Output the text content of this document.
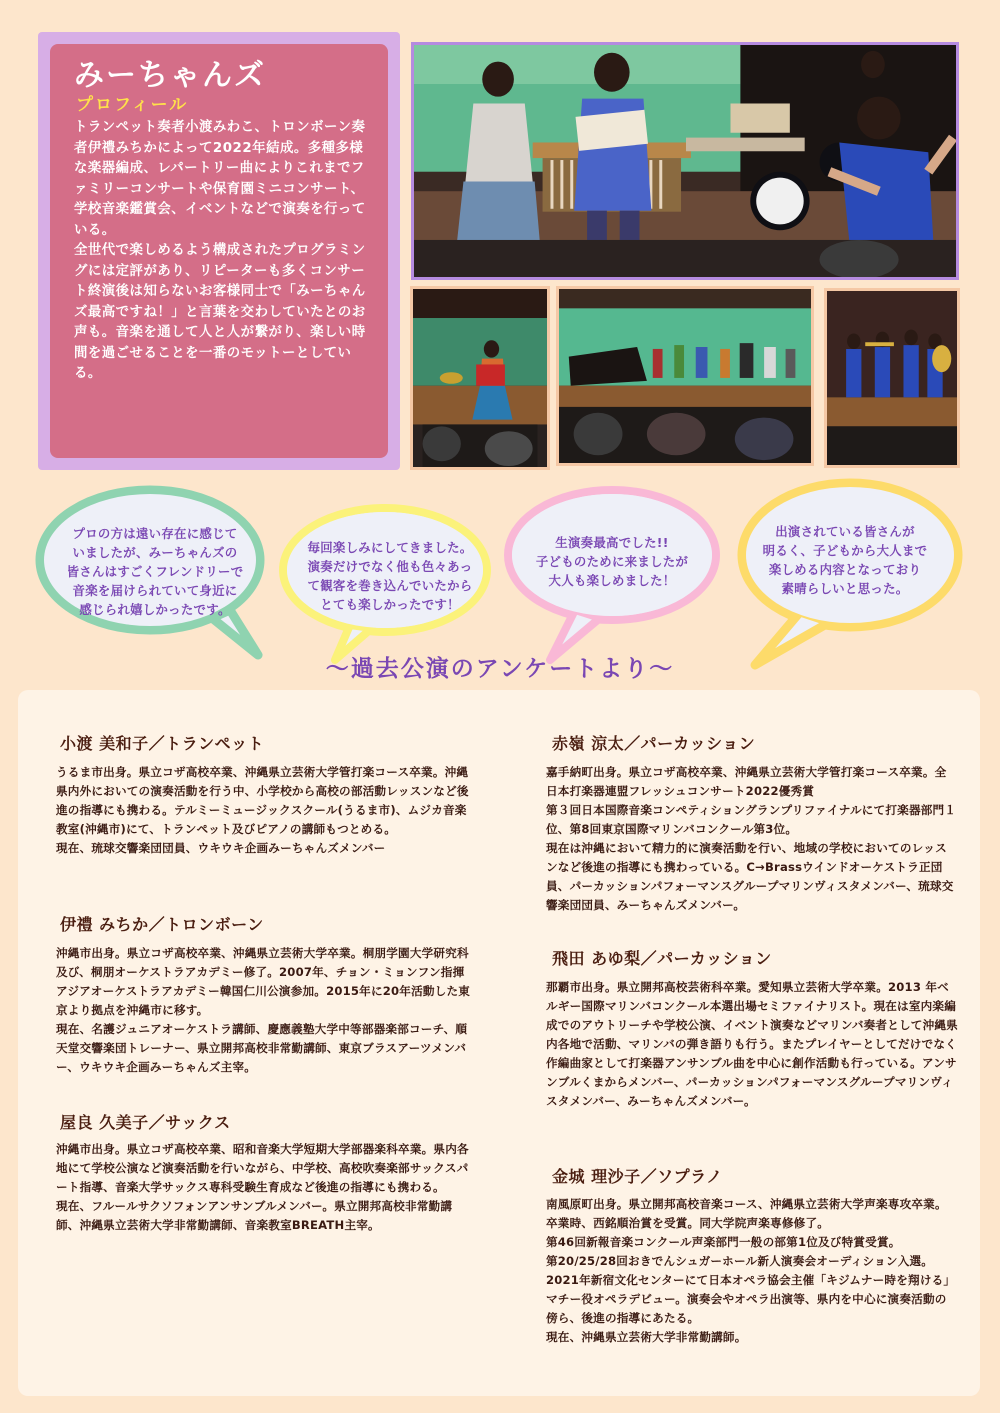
みーちゃんズ
プロフィール

トランペット奏者小渡みわこ、トロンボーン奏者伊禮みちかによって2022年結成。多種多様な楽器編成、レパートリー曲によりこれまでファミリーコンサートや保育園ミニコンサート、学校音楽鑑賞会、イベントなどで演奏を行っている。

全世代で楽しめるよう構成されたプログラミングには定評があり、リピーターも多くコンサート終演後は知らないお客様同士で「みーちゃんズ最高ですね！」と言葉を交わしていたとのお声も。音楽を通して人と人が繋がり、楽しい時間を過ごせることを一番のモットーとしている。

プロの方は遠い存在に感じて
いましたが、みーちゃんズの
皆さんはすごくフレンドリーで
音楽を届けられていて身近に
感じられ嬉しかったです。
毎回楽しみにしてきました。
演奏だけでなく他も色々あっ
て観客を巻き込んでいたから
とても楽しかったです！
生演奏最高でした!!
子どものために来ましたが
大人も楽しめました！
出演されている皆さんが
明るく、子どもから大人まで
楽しめる内容となっており
素晴らしいと思った。
〜過去公演のアンケートより〜
小渡 美和子／トランペット

うるま市出身。県立コザ高校卒業、沖縄県立芸術大学管打楽コース卒業。沖縄県内外においての演奏活動を行う中、小学校から高校の部活動レッスンなど後進の指導にも携わる。テルミーミュージックスクール(うるま市)、ムジカ音楽教室(沖縄市)にて、トランペット及びピアノの講師もつとめる。

現在、琉球交響楽団団員、ウキウキ企画みーちゃんズメンバー

伊禮 みちか／トロンボーン

沖縄市出身。県立コザ高校卒業、沖縄県立芸術大学卒業。桐朋学園大学研究科及び、桐朋オーケストラアカデミー修了。2007年、チョン・ミョンフン指揮アジアオーケストラアカデミー韓国仁川公演参加。2015年に20年活動した東京より拠点を沖縄市に移す。

現在、名護ジュニアオーケストラ講師、慶應義塾大学中等部器楽部コーチ、順天堂交響楽団トレーナー、県立開邦高校非常勤講師、東京ブラスアーツメンバー、ウキウキ企画みーちゃんズ主宰。

屋良 久美子／サックス

沖縄市出身。県立コザ高校卒業、昭和音楽大学短期大学部器楽科卒業。県内各地にて学校公演など演奏活動を行いながら、中学校、高校吹奏楽部サックスパート指導、音楽大学サックス専科受験生育成など後進の指導にも携わる。

現在、フルールサクソフォンアンサンブルメンバー。県立開邦高校非常勤講師、沖縄県立芸術大学非常勤講師、音楽教室BREATH主宰。

赤嶺 涼太／パーカッション

嘉手納町出身。県立コザ高校卒業、沖縄県立芸術大学管打楽コース卒業。全日本打楽器連盟フレッシュコンサート2022優秀賞

第３回日本国際音楽コンペティショングランプリファイナルにて打楽器部門１位、第8回東京国際マリンバコンクール第3位。

現在は沖縄において精力的に演奏活動を行い、地域の学校においてのレッスンなど後進の指導にも携わっている。C→Brassウインドオーケストラ正団員、パーカッションパフォーマンスグループマリンヴィスタメンバー、琉球交響楽団団員、みーちゃんズメンバー。

飛田 あゆ梨／パーカッション

那覇市出身。県立開邦高校芸術科卒業。愛知県立芸術大学卒業。2013 年ベルギー国際マリンバコンクール本選出場セミファイナリスト。現在は室内楽編成でのアウトリーチや学校公演、イベント演奏などマリンバ奏者として沖縄県内各地で活動、マリンバの弾き語りも行う。またプレイヤーとしてだけでなく作編曲家として打楽器アンサンブル曲を中心に創作活動も行っている。アンサンブルくまからメンバー、パーカッションパフォーマンスグループマリンヴィスタメンバー、みーちゃんズメンバー。

金城 理沙子／ソプラノ

南風原町出身。県立開邦高校音楽コース、沖縄県立芸術大学声楽専攻卒業。卒業時、西銘順治賞を受賞。同大学院声楽専修修了。

第46回新報音楽コンクール声楽部門一般の部第1位及び特賞受賞。

第20/25/28回おきでんシュガーホール新人演奏会オーディション入選。2021年新宿文化センターにて日本オペラ協会主催「キジムナー時を翔ける」マチー役オペラデビュー。演奏会やオペラ出演等、県内を中心に演奏活動の傍ら、後進の指導にあたる。

現在、沖縄県立芸術大学非常勤講師。
